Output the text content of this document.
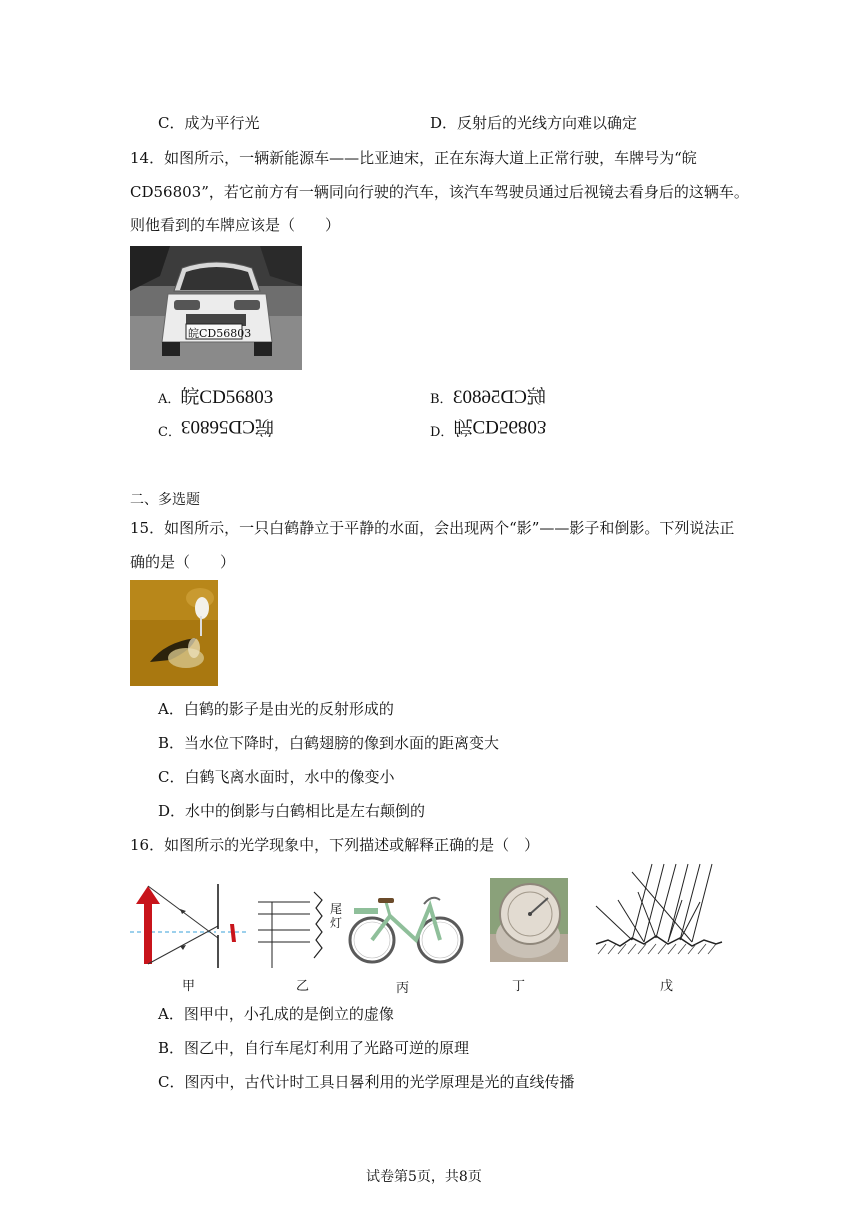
C．成为平行光	D．反射后的光线方向难以确定
14．如图所示，一辆新能源车——比亚迪宋，正在东海大道上正常行驶，车牌号为“皖
CD56803”，若它前方有一辆同向行驶的汽车，该汽车驾驶员通过后视镜去看身后的这辆车。
则他看到的车牌应该是（　　）
皖CD56803
A．皖CD56803	B．皖CD56803
C．皖CD56803	D．皖CD56803
二、多选题
15．如图所示，一只白鹤静立于平静的水面，会出现两个“影”——影子和倒影。下列说法正
确的是（　　）
A．白鹤的影子是由光的反射形成的
B．当水位下降时，白鹤翅膀的像到水面的距离变大
C．白鹤飞离水面时，水中的像变小
D．水中的倒影与白鹤相比是左右颠倒的
16．如图所示的光学现象中，下列描述或解释正确的是（　）
甲
尾 灯
乙	丙	丁	戊
A．图甲中，小孔成的是倒立的虚像
B．图乙中，自行车尾灯利用了光路可逆的原理
C．图丙中，古代计时工具日晷利用的光学原理是光的直线传播
试卷第5页，共8页
